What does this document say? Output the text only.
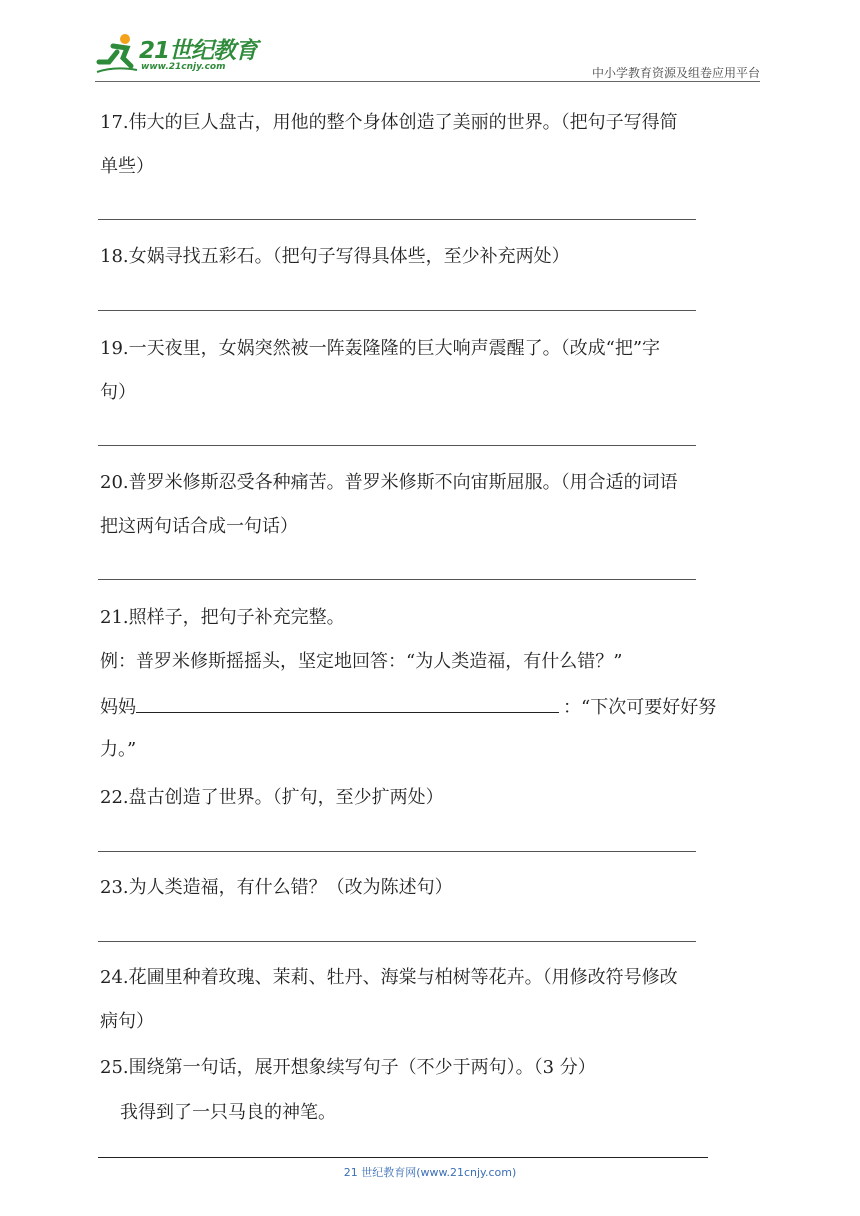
21世纪教育
www.21cnjy.com	中小学教育资源及组卷应用平台
17.伟大的巨人盘古，用他的整个身体创造了美丽的世界。（把句子写得简
单些）
18.女娲寻找五彩石。（把句子写得具体些，至少补充两处）
19.一天夜里，女娲突然被一阵轰隆隆的巨大响声震醒了。（改成“把”字
句）
20.普罗米修斯忍受各种痛苦。普罗米修斯不向宙斯屈服。（用合适的词语
把这两句话合成一句话）
21.照样子，把句子补充完整。
例：普罗米修斯摇摇头，坚定地回答：“为人类造福，有什么错？”
妈妈	：“下次可要好好努
力。”
22.盘古创造了世界。（扩句，至少扩两处）
23.为人类造福，有什么错？（改为陈述句）
24.花圃里种着玫瑰、茉莉、牡丹、海棠与柏树等花卉。（用修改符号修改
病句）
25.围绕第一句话，展开想象续写句子（不少于两句）。（3 分）
我得到了一只马良的神笔。
21 世纪教育网(www.21cnjy.com)
